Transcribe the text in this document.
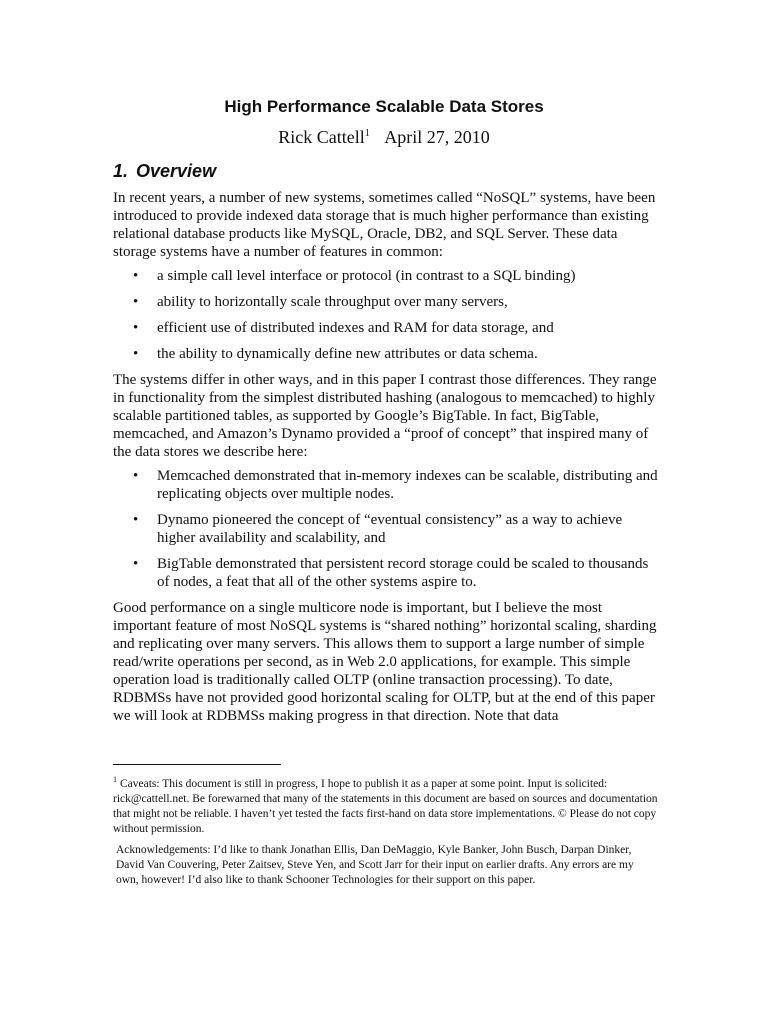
High Performance Scalable Data Stores
Rick Cattell$^1$ April 27, 2010
1. Overview

In recent years, a number of new systems, sometimes called “NoSQL” systems, have been introduced to provide indexed data storage that is much higher performance than existing relational database products like MySQL, Oracle, DB2, and SQL Server. These data storage systems have a number of features in common:

• a simple call level interface or protocol (in contrast to a SQL binding)
• ability to horizontally scale throughput over many servers,
• efficient use of distributed indexes and RAM for data storage, and
• the ability to dynamically define new attributes or data schema.

The systems differ in other ways, and in this paper I contrast those differences. They range in functionality from the simplest distributed hashing (analogous to memcached) to highly scalable partitioned tables, as supported by Google’s BigTable. In fact, BigTable, memcached, and Amazon’s Dynamo provided a “proof of concept” that inspired many of the data stores we describe here:

• Memcached demonstrated that in-memory indexes can be scalable, distributing and replicating objects over multiple nodes.
• Dynamo pioneered the concept of “eventual consistency” as a way to achieve higher availability and scalability, and
• BigTable demonstrated that persistent record storage could be scaled to thousands of nodes, a feat that all of the other systems aspire to.

Good performance on a single multicore node is important, but I believe the most important feature of most NoSQL systems is “shared nothing” horizontal scaling, sharding and replicating over many servers. This allows them to support a large number of simple read/write operations per second, as in Web 2.0 applications, for example. This simple operation load is traditionally called OLTP (online transaction processing). To date, RDBMSs have not provided good horizontal scaling for OLTP, but at the end of this paper we will look at RDBMSs making progress in that direction. Note that data

$^1$ Caveats: This document is still in progress, I hope to publish it as a paper at some point. Input is solicited: rick@cattell.net. Be forewarned that many of the statements in this document are based on sources and documentation that might not be reliable. I haven’t yet tested the facts first-hand on data store implementations. © Please do not copy without permission.

Acknowledgements: I’d like to thank Jonathan Ellis, Dan DeMaggio, Kyle Banker, John Busch, Darpan Dinker, David Van Couvering, Peter Zaitsev, Steve Yen, and Scott Jarr for their input on earlier drafts. Any errors are my own, however! I’d also like to thank Schooner Technologies for their support on this paper.
